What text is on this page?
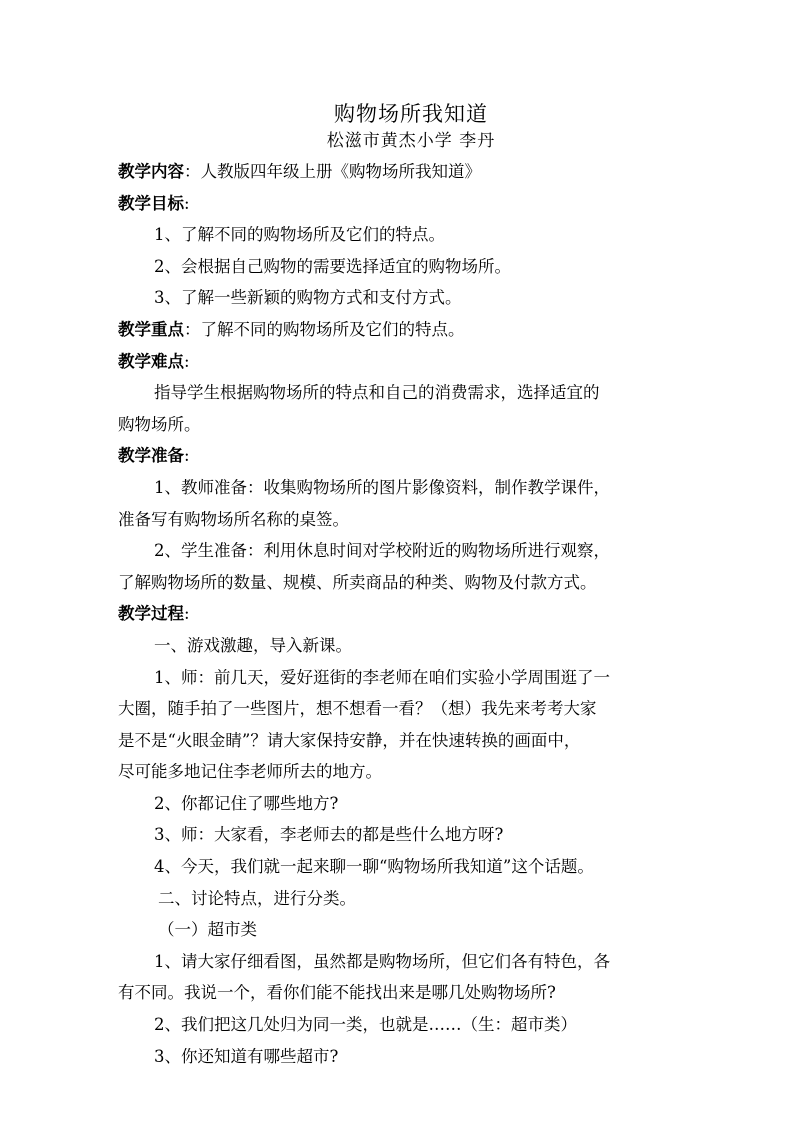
购物场所我知道

松滋市黄杰小学 李丹

教学内容：人教版四年级上册《购物场所我知道》

教学目标:

1、了解不同的购物场所及它们的特点。

2、会根据自己购物的需要选择适宜的购物场所。

3、了解一些新颖的购物方式和支付方式。

教学重点：了解不同的购物场所及它们的特点。

教学难点:

指导学生根据购物场所的特点和自己的消费需求，选择适宜的

购物场所。

教学准备:

1、教师准备：收集购物场所的图片影像资料，制作教学课件，

准备写有购物场所名称的桌签。

2、学生准备：利用休息时间对学校附近的购物场所进行观察，

了解购物场所的数量、规模、所卖商品的种类、购物及付款方式。

教学过程:

一、游戏激趣，导入新课。

1、师：前几天，爱好逛街的李老师在咱们实验小学周围逛了一

大圈，随手拍了一些图片，想不想看一看？（想）我先来考考大家

是不是“火眼金睛”？请大家保持安静，并在快速转换的画面中，

尽可能多地记住李老师所去的地方。

2、你都记住了哪些地方?

3、师：大家看，李老师去的都是些什么地方呀?

4、今天，我们就一起来聊一聊“购物场所我知道”这个话题。

二、讨论特点，进行分类。

（一）超市类

1、请大家仔细看图，虽然都是购物场所，但它们各有特色，各

有不同。我说一个，看你们能不能找出来是哪几处购物场所?

2、我们把这几处归为同一类，也就是……（生：超市类）

3、你还知道有哪些超市?
